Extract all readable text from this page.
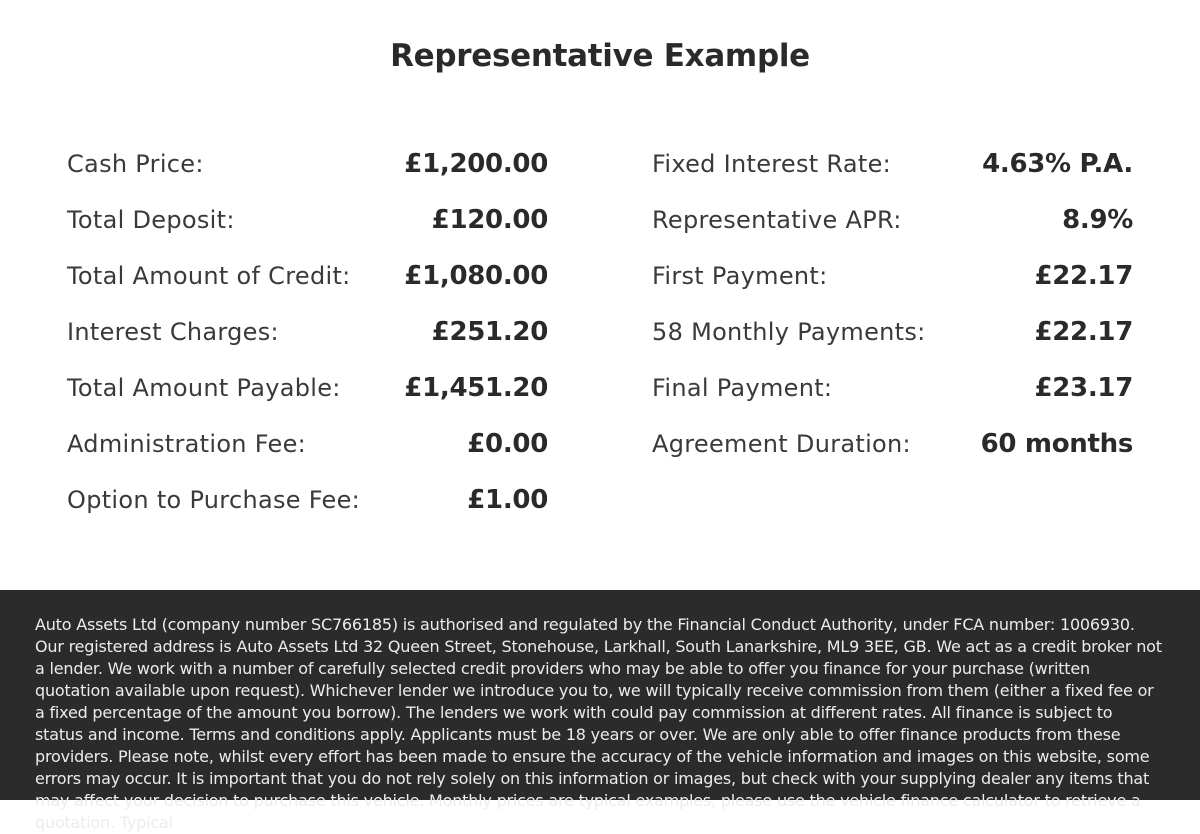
Representative Example
Cash Price:	£1,200.00
Total Deposit:	£120.00
Total Amount of Credit: £1,080.00
Interest Charges:	£251.20
Total Amount Payable: £1,451.20
Administration Fee:	£0.00
Option to Purchase Fee:	£1.00
Fixed Interest Rate:	4.63% P.A.
Representative APR:	8.9%
First Payment:	£22.17
58 Monthly Payments:	£22.17
Final Payment:	£23.17
Agreement Duration:	60 months

Auto Assets Ltd (company number SC766185) is authorised and regulated by the Financial Conduct Authority, under FCA number: 1006930. Our registered address is Auto Assets Ltd 32 Queen Street, Stonehouse, Larkhall, South Lanarkshire, ML9 3EE, GB. We act as a credit broker not a lender. We work with a number of carefully selected credit providers who may be able to offer you finance for your purchase (written quotation available upon request). Whichever lender we introduce you to, we will typically receive commission from them (either a fixed fee or a fixed percentage of the amount you borrow). The lenders we work with could pay commission at different rates. All finance is subject to status and income. Terms and conditions apply. Applicants must be 18 years or over. We are only able to offer finance products from these providers. Please note, whilst every effort has been made to ensure the accuracy of the vehicle information and images on this website, some errors may occur. It is important that you do not rely solely on this information or images, but check with your supplying dealer any items that may affect your decision to purchase this vehicle. Monthly prices are typical examples, please use the vehicle finance calculator to retrieve a quotation. Typical
